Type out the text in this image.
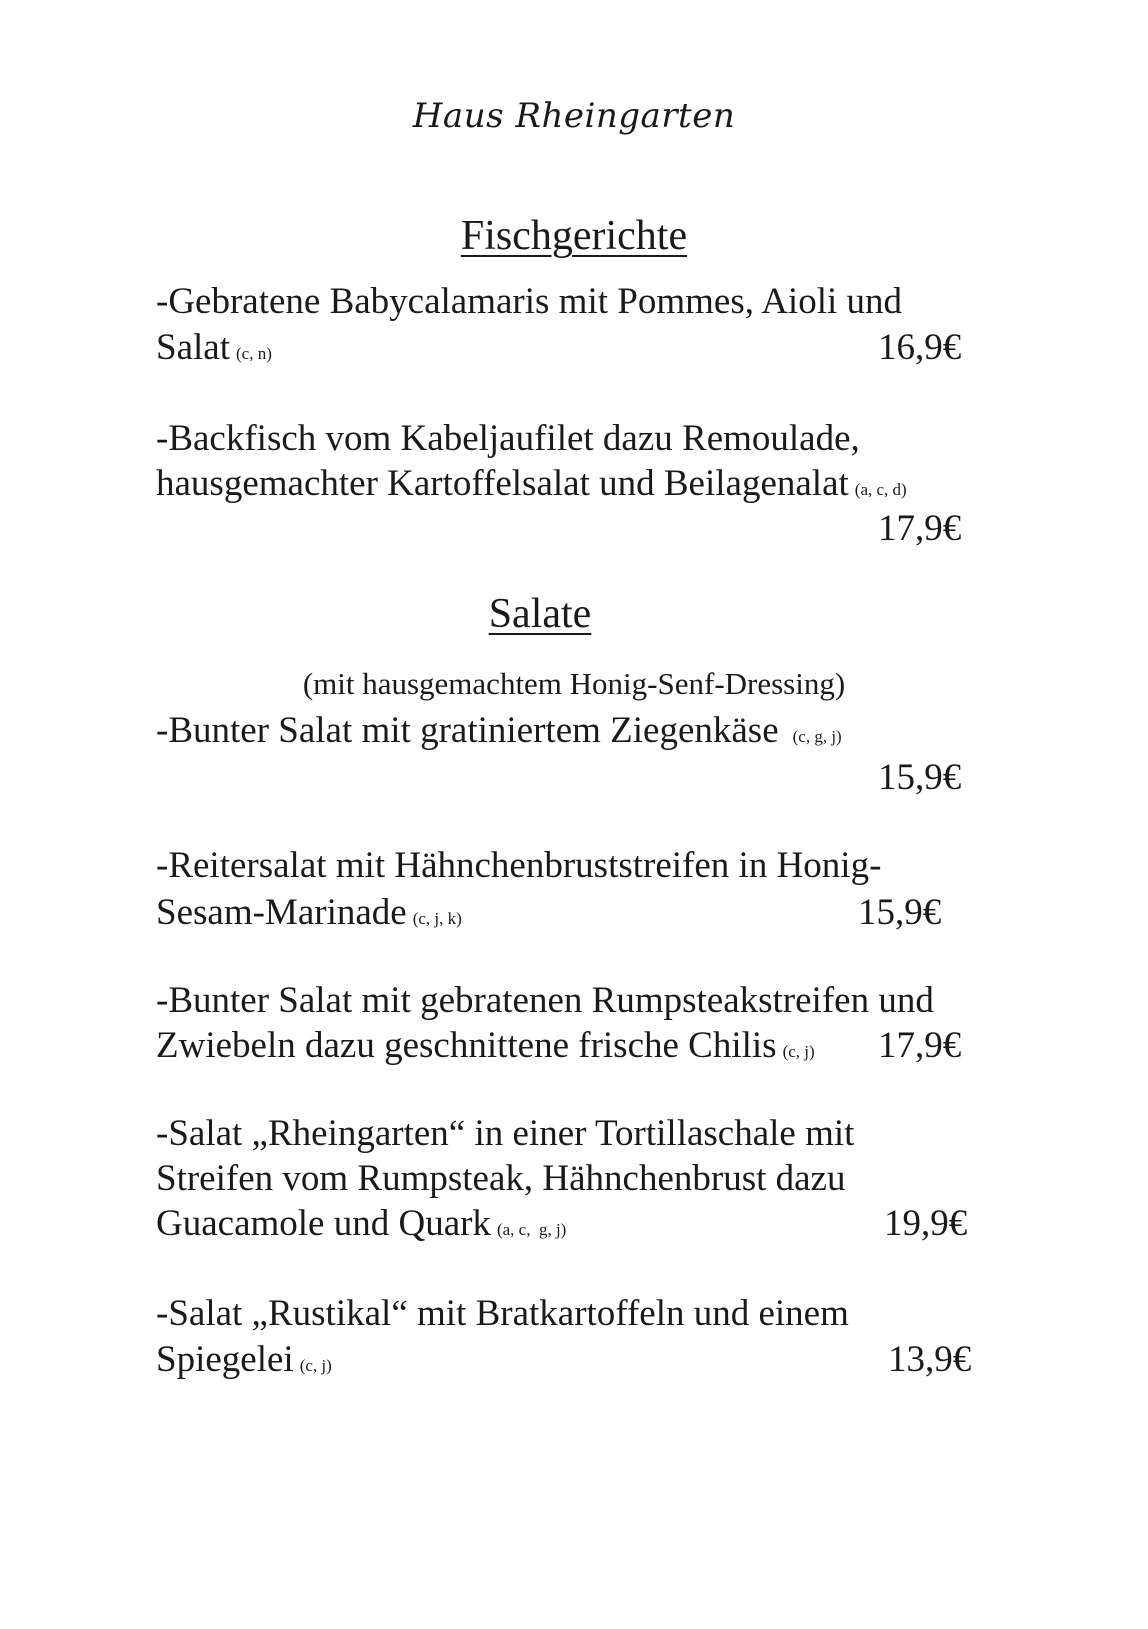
Haus Rheingarten
Fischgerichte
-Gebratene Babycalamaris mit Pommes, Aioli und
Salat (c, n)	16,9€
-Backfisch vom Kabeljaufilet dazu Remoulade,
hausgemachter Kartoffelsalat und Beilagenalat (a, c, d)
17,9€
Salate
(mit hausgemachtem Honig-Senf-Dressing)
-Bunter Salat mit gratiniertem Ziegenkäse (c, g, j)
15,9€
-Reitersalat mit Hähnchenbruststreifen in Honig-
Sesam-Marinade (c, j, k)	15,9€
-Bunter Salat mit gebratenen Rumpsteakstreifen und
Zwiebeln dazu geschnittene frische Chilis (c, j) 17,9€
-Salat „Rheingarten“ in einer Tortillaschale mit
Streifen vom Rumpsteak, Hähnchenbrust dazu
Guacamole und Quark (a, c,  g, j)	19,9€
-Salat „Rustikal“ mit Bratkartoffeln und einem
Spiegelei (c, j)	13,9€
